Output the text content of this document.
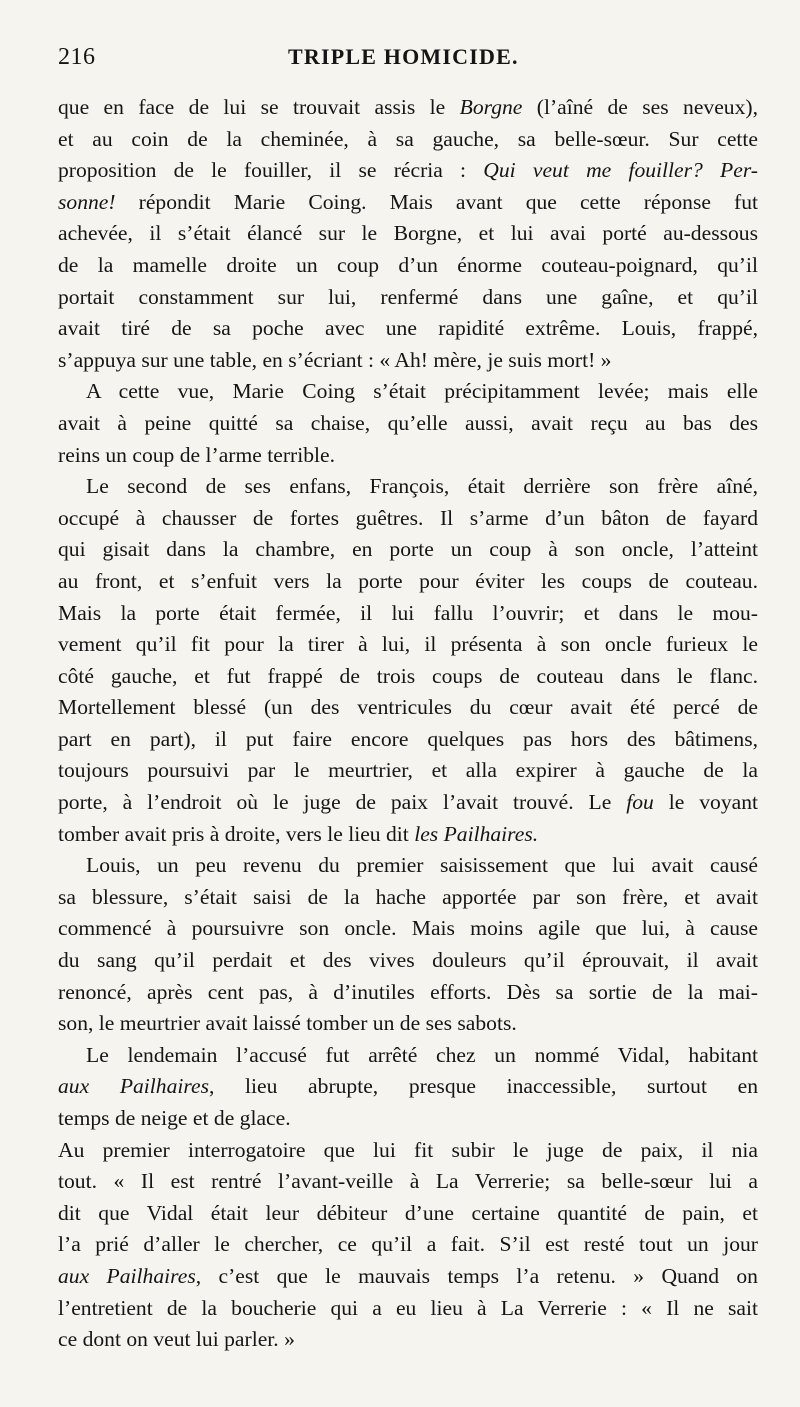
216	TRIPLE HOMICIDE.

que en face de lui se trouvait assis le Borgne (l’aîné de ses neveux),
et au coin de la cheminée, à sa gauche, sa belle-sœur. Sur cette
proposition de le fouiller, il se récria : Qui veut me fouiller? Per-
sonne! répondit Marie Coing. Mais avant que cette réponse fut
achevée, il s’était élancé sur le Borgne, et lui avai porté au-dessous
de la mamelle droite un coup d’un énorme couteau-poignard, qu’il
portait constamment sur lui, renfermé dans une gaîne, et qu’il
avait tiré de sa poche avec une rapidité extrême. Louis, frappé,
s’appuya sur une table, en s’écriant : « Ah! mère, je suis mort! »

A cette vue, Marie Coing s’était précipitamment levée; mais elle
avait à peine quitté sa chaise, qu’elle aussi, avait reçu au bas des
reins un coup de l’arme terrible.

Le second de ses enfans, François, était derrière son frère aîné,
occupé à chausser de fortes guêtres. Il s’arme d’un bâton de fayard
qui gisait dans la chambre, en porte un coup à son oncle, l’atteint
au front, et s’enfuit vers la porte pour éviter les coups de couteau.
Mais la porte était fermée, il lui fallu l’ouvrir; et dans le mou-
vement qu’il fit pour la tirer à lui, il présenta à son oncle furieux le
côté gauche, et fut frappé de trois coups de couteau dans le flanc.
Mortellement blessé (un des ventricules du cœur avait été percé de
part en part), il put faire encore quelques pas hors des bâtimens,
toujours poursuivi par le meurtrier, et alla expirer à gauche de la
porte, à l’endroit où le juge de paix l’avait trouvé. Le fou le voyant
tomber avait pris à droite, vers le lieu dit les Pailhaires.

Louis, un peu revenu du premier saisissement que lui avait causé
sa blessure, s’était saisi de la hache apportée par son frère, et avait
commencé à poursuivre son oncle. Mais moins agile que lui, à cause
du sang qu’il perdait et des vives douleurs qu’il éprouvait, il avait
renoncé, après cent pas, à d’inutiles efforts. Dès sa sortie de la mai-
son, le meurtrier avait laissé tomber un de ses sabots.

Le lendemain l’accusé fut arrêté chez un nommé Vidal, habitant
aux Pailhaires, lieu abrupte, presque inaccessible, surtout en
temps de neige et de glace.

Au premier interrogatoire que lui fit subir le juge de paix, il nia
tout. « Il est rentré l’avant-veille à La Verrerie; sa belle-sœur lui a
dit que Vidal était leur débiteur d’une certaine quantité de pain, et
l’a prié d’aller le chercher, ce qu’il a fait. S’il est resté tout un jour
aux Pailhaires, c’est que le mauvais temps l’a retenu. » Quand on
l’entretient de la boucherie qui a eu lieu à La Verrerie : « Il ne sait
ce dont on veut lui parler. »
